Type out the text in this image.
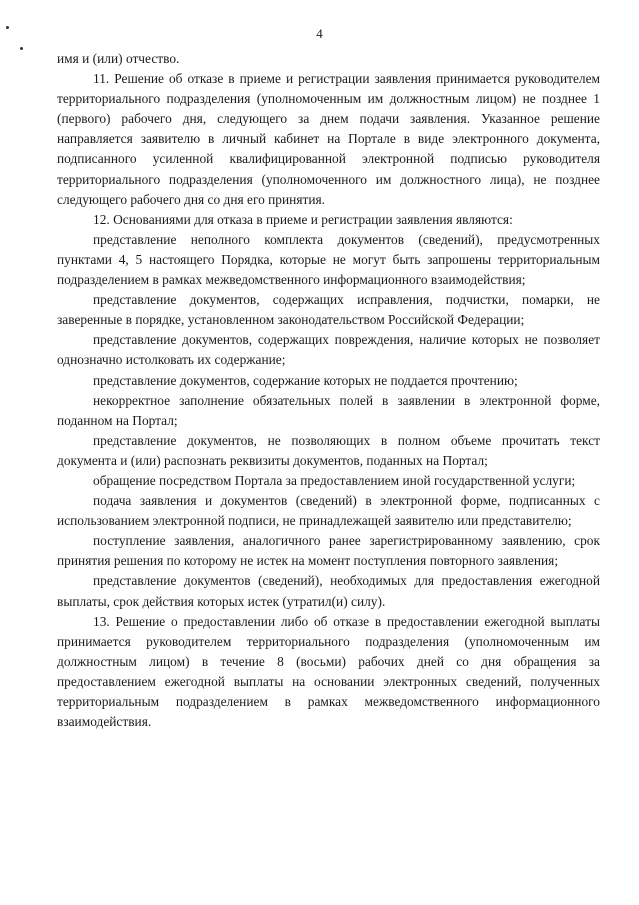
4

имя и (или) отчество.

11. Решение об отказе в приеме и регистрации заявления принимается руководителем территориального подразделения (уполномоченным им должностным лицом) не позднее 1 (первого) рабочего дня, следующего за днем подачи заявления. Указанное решение направляется заявителю в личный кабинет на Портале в виде электронного документа, подписанного усиленной квалифицированной электронной подписью руководителя территориального подразделения (уполномоченного им должностного лица), не позднее следующего рабочего дня со дня его принятия.

12. Основаниями для отказа в приеме и регистрации заявления являются:

представление неполного комплекта документов (сведений), предусмотренных пунктами 4, 5 настоящего Порядка, которые не могут быть запрошены территориальным подразделением в рамках межведомственного информационного взаимодействия;

представление документов, содержащих исправления, подчистки, помарки, не заверенные в порядке, установленном законодательством Российской Федерации;

представление документов, содержащих повреждения, наличие которых не позволяет однозначно истолковать их содержание;

представление документов, содержание которых не поддается прочтению;

некорректное заполнение обязательных полей в заявлении в электронной форме, поданном на Портал;

представление документов, не позволяющих в полном объеме прочитать текст документа и (или) распознать реквизиты документов, поданных на Портал;

обращение посредством Портала за предоставлением иной государственной услуги;

подача заявления и документов (сведений) в электронной форме, подписанных с использованием электронной подписи, не принадлежащей заявителю или представителю;

поступление заявления, аналогичного ранее зарегистрированному заявлению, срок принятия решения по которому не истек на момент поступления повторного заявления;

представление документов (сведений), необходимых для предоставления ежегодной выплаты, срок действия которых истек (утратил(и) силу).

13. Решение о предоставлении либо об отказе в предоставлении ежегодной выплаты принимается руководителем территориального подразделения (уполномоченным им должностным лицом) в течение 8 (восьми) рабочих дней со дня обращения за предоставлением ежегодной выплаты на основании электронных сведений, полученных территориальным подразделением в рамках межведомственного информационного взаимодействия.
